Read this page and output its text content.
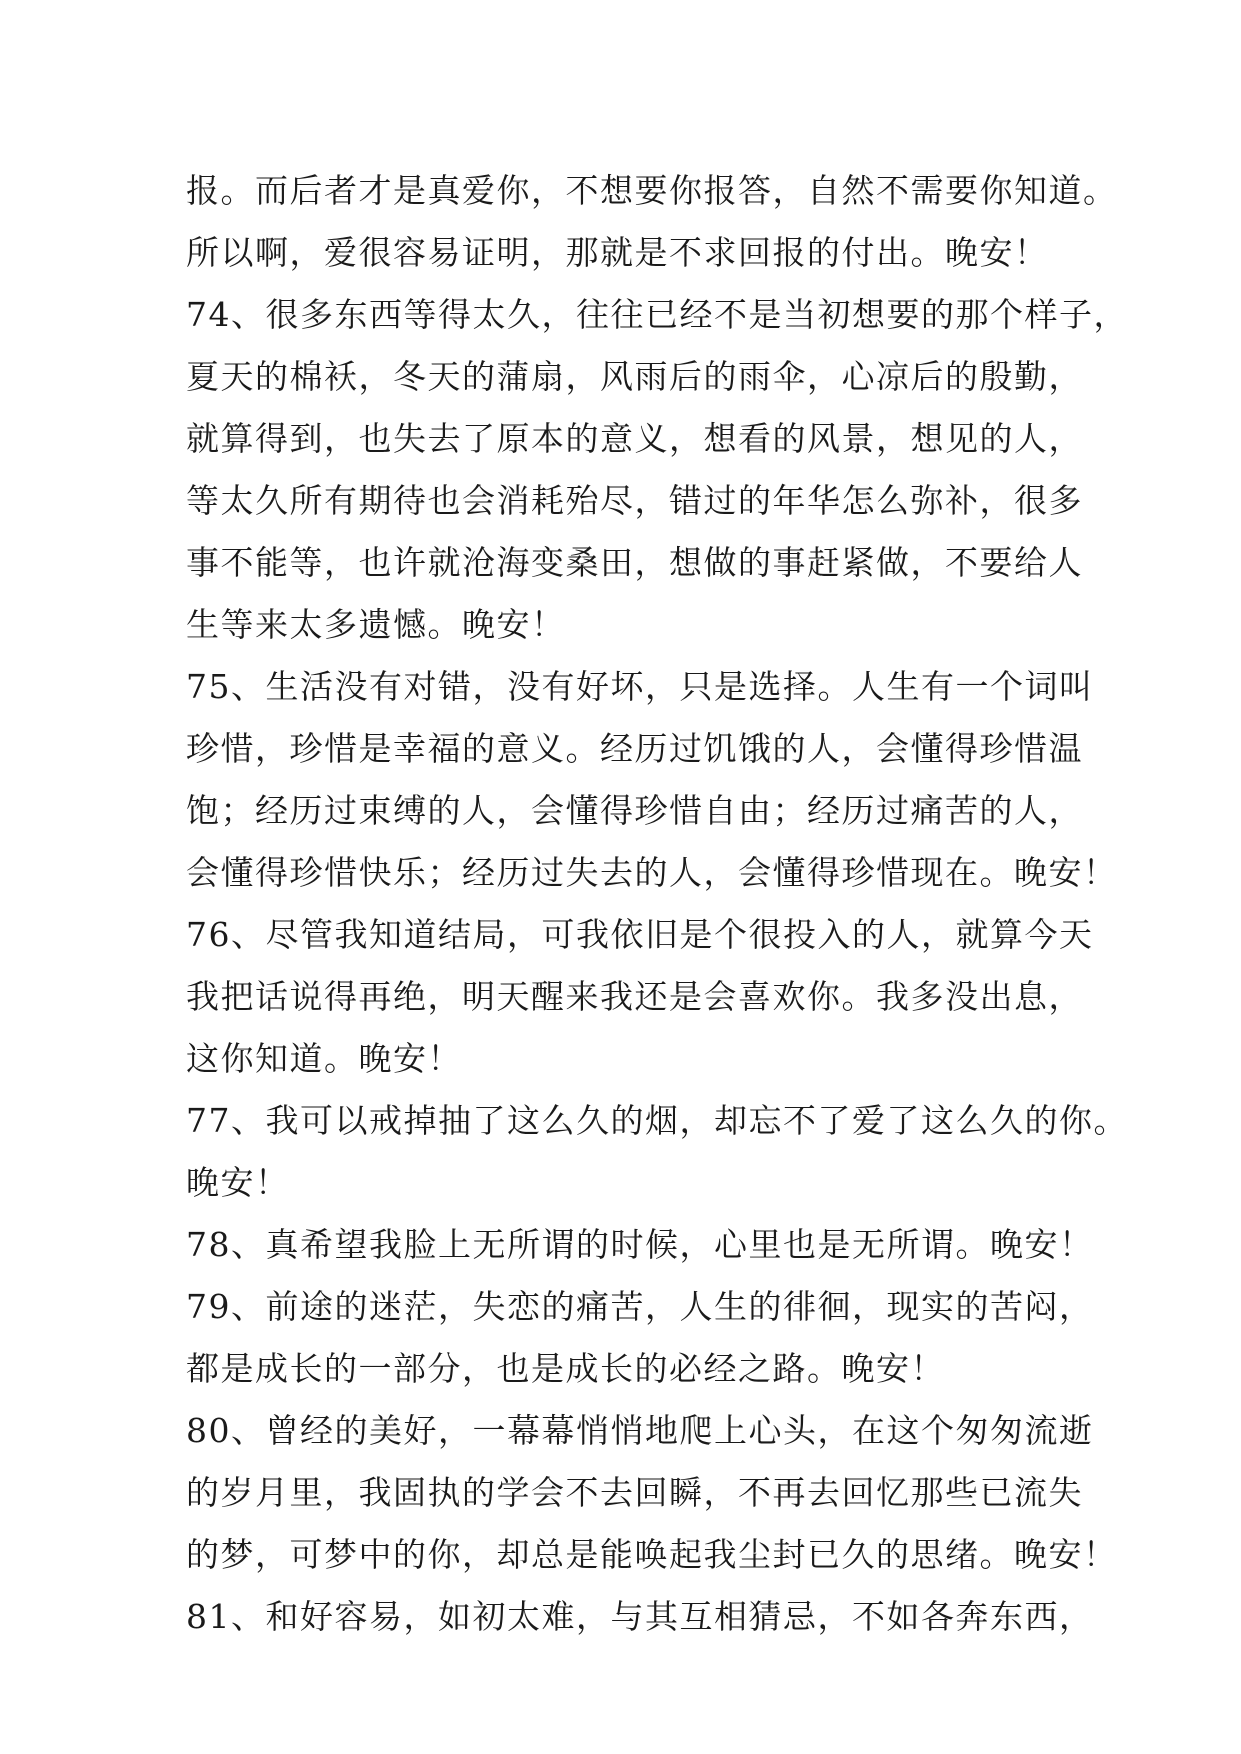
报。而后者才是真爱你，不想要你报答，自然不需要你知道。
所以啊，爱很容易证明，那就是不求回报的付出。晚安！
74、很多东西等得太久，往往已经不是当初想要的那个样子，
夏天的棉袄，冬天的蒲扇，风雨后的雨伞，心凉后的殷勤，
就算得到，也失去了原本的意义，想看的风景，想见的人，
等太久所有期待也会消耗殆尽，错过的年华怎么弥补，很多
事不能等，也许就沧海变桑田，想做的事赶紧做，不要给人
生等来太多遗憾。晚安！
75、生活没有对错，没有好坏，只是选择。人生有一个词叫
珍惜，珍惜是幸福的意义。经历过饥饿的人，会懂得珍惜温
饱；经历过束缚的人，会懂得珍惜自由；经历过痛苦的人，
会懂得珍惜快乐；经历过失去的人，会懂得珍惜现在。晚安！
76、尽管我知道结局，可我依旧是个很投入的人，就算今天
我把话说得再绝，明天醒来我还是会喜欢你。我多没出息，
这你知道。晚安！
77、我可以戒掉抽了这么久的烟，却忘不了爱了这么久的你。
晚安！
78、真希望我脸上无所谓的时候，心里也是无所谓。晚安！
79、前途的迷茫，失恋的痛苦，人生的徘徊，现实的苦闷，
都是成长的一部分，也是成长的必经之路。晚安！
80、曾经的美好，一幕幕悄悄地爬上心头，在这个匆匆流逝
的岁月里，我固执的学会不去回瞬，不再去回忆那些已流失
的梦，可梦中的你，却总是能唤起我尘封已久的思绪。晚安！
81、和好容易，如初太难，与其互相猜忌，不如各奔东西，
